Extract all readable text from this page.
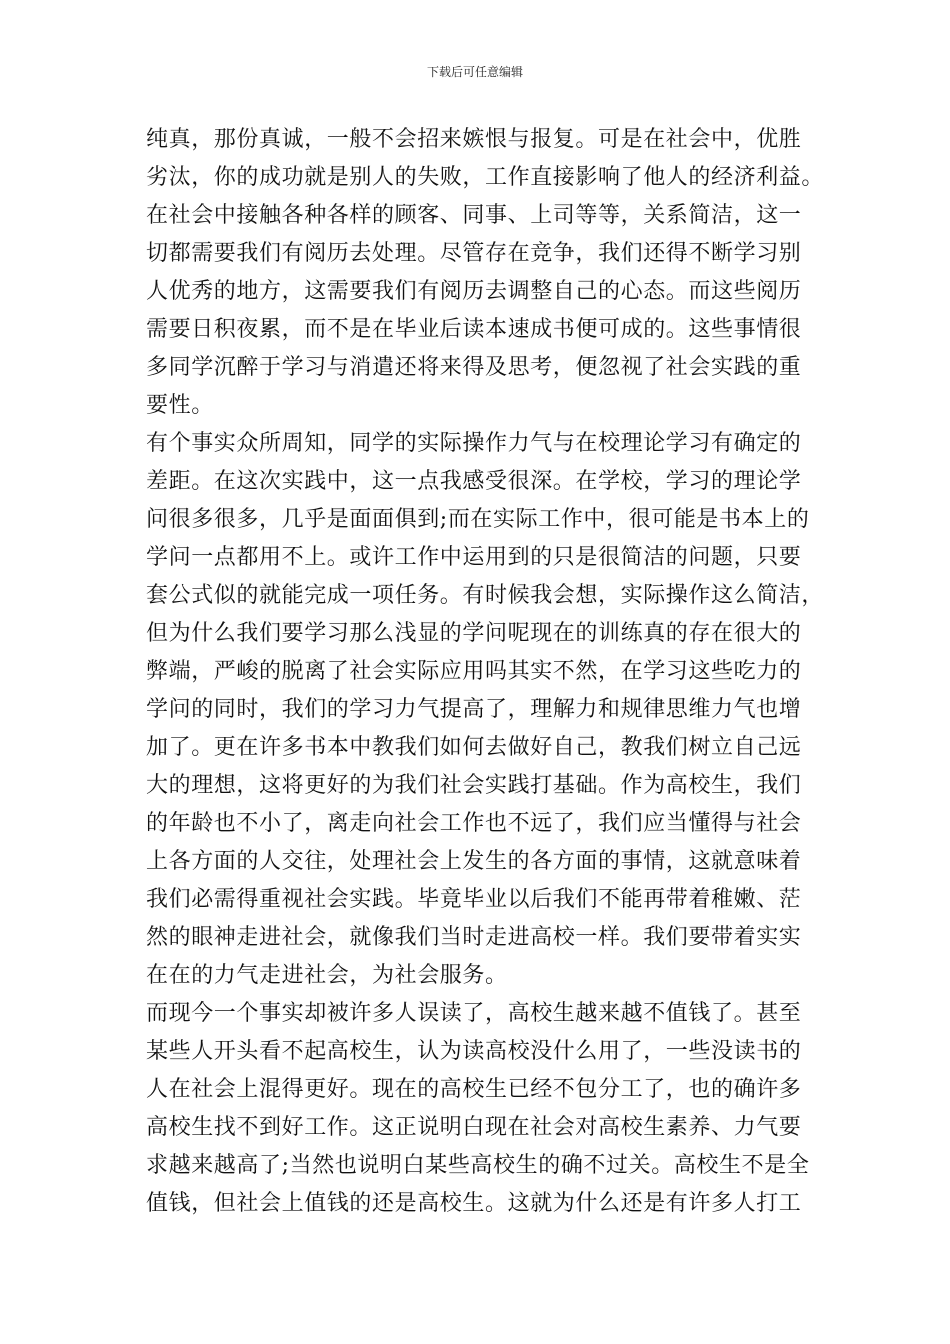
下载后可任意编辑
纯真，那份真诚，一般不会招来嫉恨与报复。可是在社会中，优胜
劣汰，你的成功就是别人的失败，工作直接影响了他人的经济利益。
在社会中接触各种各样的顾客、同事、上司等等，关系简洁，这一
切都需要我们有阅历去处理。尽管存在竞争，我们还得不断学习别
人优秀的地方，这需要我们有阅历去调整自己的心态。而这些阅历
需要日积夜累，而不是在毕业后读本速成书便可成的。这些事情很
多同学沉醉于学习与消遣还将来得及思考，便忽视了社会实践的重
要性。
有个事实众所周知，同学的实际操作力气与在校理论学习有确定的
差距。在这次实践中，这一点我感受很深。在学校，学习的理论学
问很多很多，几乎是面面俱到;而在实际工作中，很可能是书本上的
学问一点都用不上。或许工作中运用到的只是很简洁的问题，只要
套公式似的就能完成一项任务。有时候我会想，实际操作这么简洁，
但为什么我们要学习那么浅显的学问呢现在的训练真的存在很大的
弊端，严峻的脱离了社会实际应用吗其实不然，在学习这些吃力的
学问的同时，我们的学习力气提高了，理解力和规律思维力气也增
加了。更在许多书本中教我们如何去做好自己，教我们树立自己远
大的理想，这将更好的为我们社会实践打基础。作为高校生，我们
的年龄也不小了，离走向社会工作也不远了，我们应当懂得与社会
上各方面的人交往，处理社会上发生的各方面的事情，这就意味着
我们必需得重视社会实践。毕竟毕业以后我们不能再带着稚嫩、茫
然的眼神走进社会，就像我们当时走进高校一样。我们要带着实实
在在的力气走进社会，为社会服务。
而现今一个事实却被许多人误读了，高校生越来越不值钱了。甚至
某些人开头看不起高校生，认为读高校没什么用了，一些没读书的
人在社会上混得更好。现在的高校生已经不包分工了，也的确许多
高校生找不到好工作。这正说明白现在社会对高校生素养、力气要
求越来越高了;当然也说明白某些高校生的确不过关。高校生不是全
值钱，但社会上值钱的还是高校生。这就为什么还是有许多人打工
